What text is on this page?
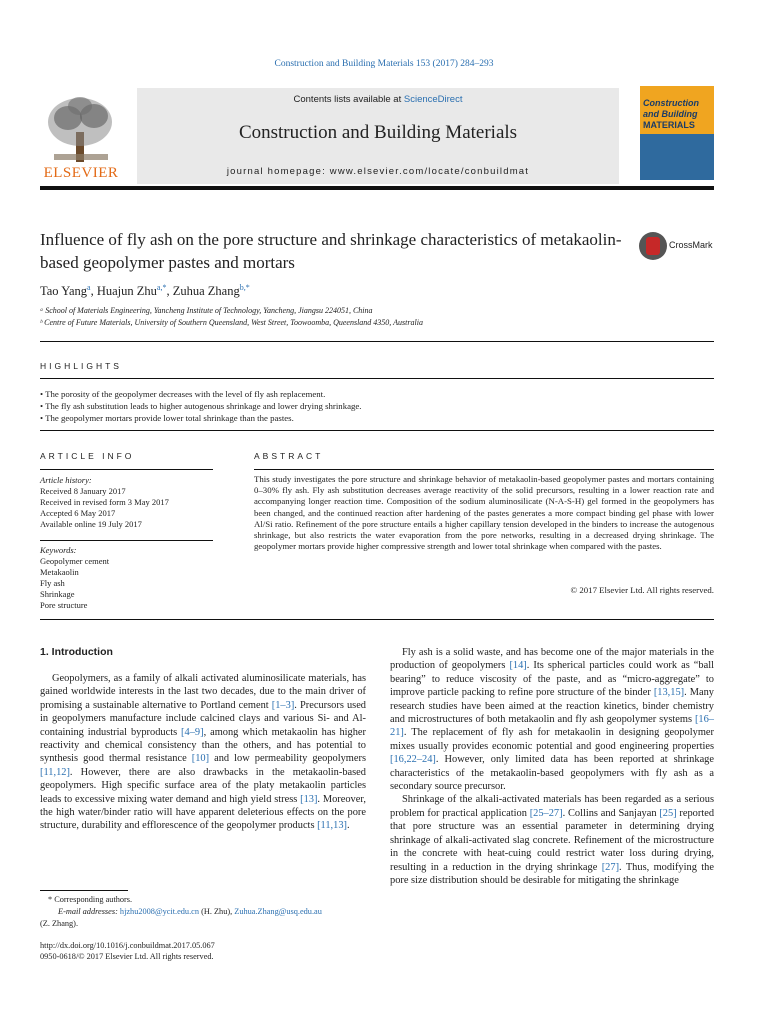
Construction and Building Materials 153 (2017) 284–293
ELSEVIER
Contents lists available at ScienceDirect
Construction and Building Materials
journal homepage: www.elsevier.com/locate/conbuildmat
Construction
and Building
MATERIALS
Influence of fly ash on the pore structure and shrinkage characteristics of metakaolin-based geopolymer pastes and mortars
CrossMark
Tao Yang$^a$, Huajun Zhu$^{a,*}$, Zuhua Zhang$^{b,*}$
ᵃ School of Materials Engineering, Yancheng Institute of Technology, Yancheng, Jiangsu 224051, China
ᵇ Centre of Future Materials, University of Southern Queensland, West Street, Toowoomba, Queensland 4350, Australia
HIGHLIGHTS
• The porosity of the geopolymer decreases with the level of fly ash replacement.
• The fly ash substitution leads to higher autogenous shrinkage and lower drying shrinkage.
• The geopolymer mortars provide lower total shrinkage than the pastes.
ARTICLE INFO
Article history:
Received 8 January 2017
Received in revised form 3 May 2017
Accepted 6 May 2017
Available online 19 July 2017
Keywords:
Geopolymer cement
Metakaolin
Fly ash
Shrinkage
Pore structure
ABSTRACT
This study investigates the pore structure and shrinkage behavior of metakaolin-based geopolymer pastes and mortars containing 0–30% fly ash. Fly ash substitution decreases average reactivity of the solid precursors, resulting in a lower reaction rate and accompanying longer reaction time. Composition of the sodium aluminosilicate (N-A-S-H) gel formed in the geopolymers has been changed, and the continued reaction after hardening of the pastes generates a more compact binding gel phase with lower Al/Si ratio. Refinement of the pore structure entails a higher capillary tension developed in the binders to increase the autogenous shrinkage, but also restricts the water evaporation from the pore networks, resulting in a decreased drying shrinkage. The geopolymer mortars provide higher compressive strength and lower total shrinkage when compared with the pastes.
© 2017 Elsevier Ltd. All rights reserved.
1. Introduction

Geopolymers, as a family of alkali activated aluminosilicate materials, has gained worldwide interests in the last two decades, due to the main driver of promising a sustainable alternative to Portland cement [1–3]. Precursors used in geopolymers manufacture include calcined clays and various Si- and Al-containing industrial byproducts [4–9], among which metakaolin has higher reactivity and chemical consistency than the others, and has potential to synthesis good thermal resistance [10] and low permeability geopolymers [11,12]. However, there are also drawbacks in the metakaolin-based geopolymers. High specific surface area of the platy metakaolin particles leads to excessive mixing water demand and high yield stress [13]. Moreover, the high water/binder ratio will have apparent deleterious effects on the pore structure, durability and efflorescence of the geopolymer products [11,13].

Fly ash is a solid waste, and has become one of the major materials in the production of geopolymers [14]. Its spherical particles could work as “ball bearing” to reduce viscosity of the paste, and as “micro-aggregate” to improve particle packing to refine pore structure of the binder [13,15]. Many research studies have been aimed at the reaction kinetics, binder chemistry and microstructures of both metakaolin and fly ash geopolymer systems [16–21]. The replacement of fly ash for metakaolin in designing geopolymer mixes usually provides economic potential and good engineering properties [16,22–24]. However, only limited data has been reported at shrinkage characteristics of the metakaolin-based geopolymers with fly ash as a secondary source precursor.

Shrinkage of the alkali-activated materials has been regarded as a serious problem for practical application [25–27]. Collins and Sanjayan [25] reported that pore structure was an essential parameter in determining drying shrinkage of alkali-activated slag concrete. Refinement of the microstructure in the concrete with heat-cuing could restrict water loss during drying, resulting in a reduction in the drying shrinkage [27]. Thus, modifying the pore size distribution should be desirable for mitigating the shrinkage

* Corresponding authors.
E-mail addresses: hjzhu2008@ycit.edu.cn (H. Zhu), Zuhua.Zhang@usq.edu.au
(Z. Zhang).
http://dx.doi.org/10.1016/j.conbuildmat.2017.05.067
0950-0618/© 2017 Elsevier Ltd. All rights reserved.
